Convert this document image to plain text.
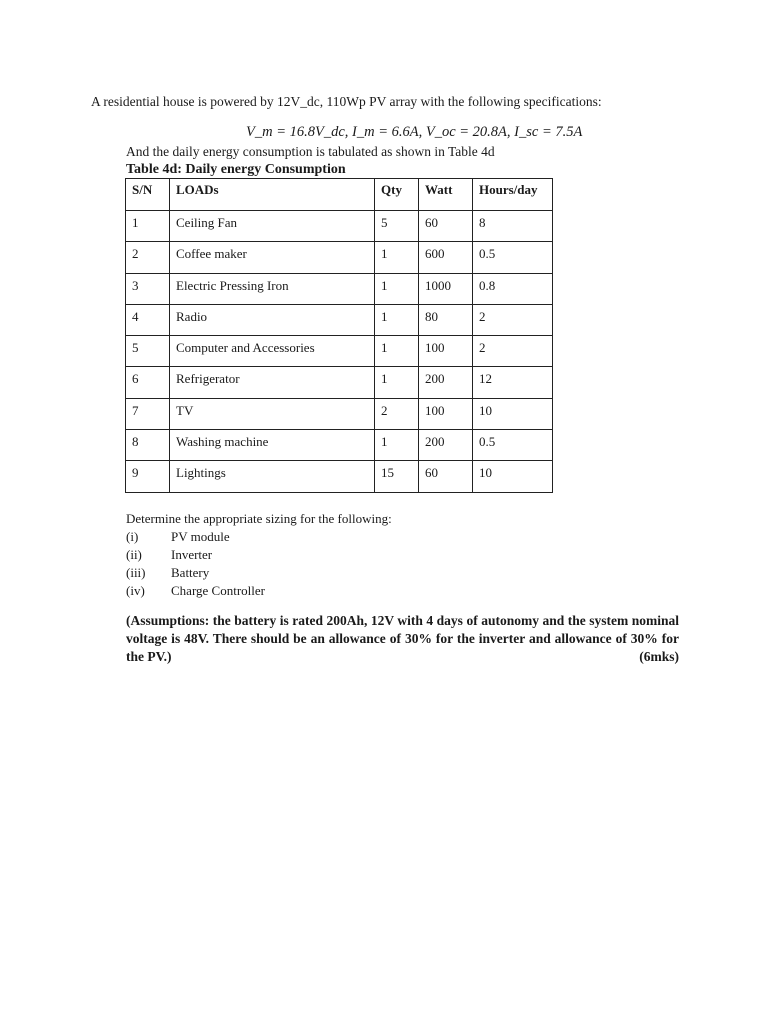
A residential house is powered by 12V_dc, 110Wp PV array with the following specifications:
V_m = 16.8V_dc, I_m = 6.6A, V_oc = 20.8A, I_sc = 7.5A
And the daily energy consumption is tabulated as shown in Table 4d
Table 4d: Daily energy Consumption
S/N	LOADs	Qty	Watt	Hours/day
1	Ceiling Fan	5	60	8
2	Coffee maker	1	600	0.5
3	Electric Pressing Iron	1	1000	0.8
4	Radio	1	80	2
5	Computer and Accessories	1	100	2
6	Refrigerator	1	200	12
7	TV	2	100	10
8	Washing machine	1	200	0.5
9	Lightings	15	60	10
Determine the appropriate sizing for the following:
(i)	PV module
(ii)	Inverter
(iii)	Battery
(iv)	Charge Controller
(Assumptions: the battery is rated 200Ah, 12V with 4 days of autonomy and the system nominal voltage is 48V. There should be an allowance of 30% for the inverter and allowance of 30% for the PV.)	(6mks)
